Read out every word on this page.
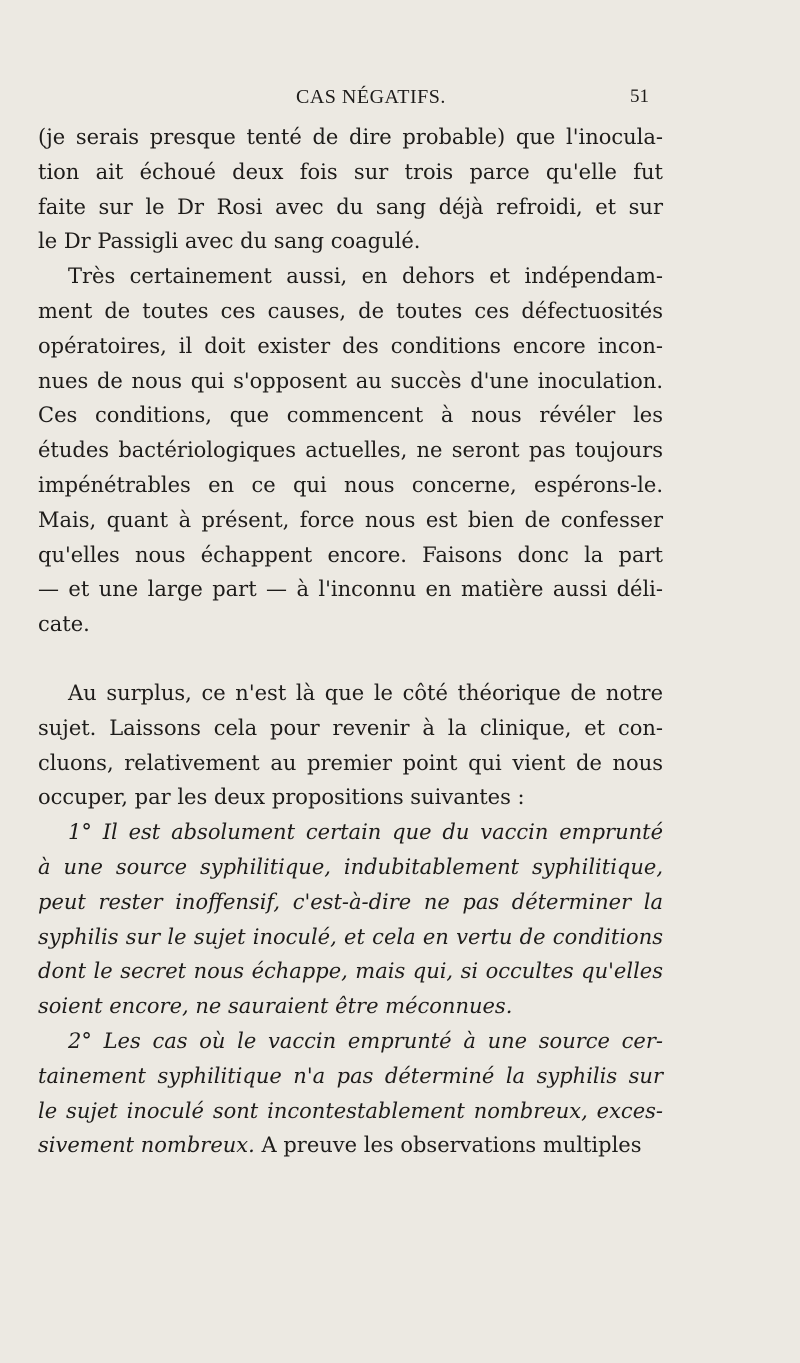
CAS NÉGATIFS.	51
(je serais presque tenté de dire probable) que l'inocula-
tion ait échoué deux fois sur trois parce qu'elle fut
faite sur le Dr Rosi avec du sang déjà refroidi, et sur
le Dr Passigli avec du sang coagulé.
Très certainement aussi, en dehors et indépendam-
ment de toutes ces causes, de toutes ces défectuosités
opératoires, il doit exister des conditions encore incon-
nues de nous qui s'opposent au succès d'une inoculation.
Ces conditions, que commencent à nous révéler les
études bactériologiques actuelles, ne seront pas toujours
impénétrables en ce qui nous concerne, espérons-le.
Mais, quant à présent, force nous est bien de confesser
qu'elles nous échappent encore. Faisons donc la part
— et une large part — à l'inconnu en matière aussi déli-
cate.
Au surplus, ce n'est là que le côté théorique de notre
sujet. Laissons cela pour revenir à la clinique, et con-
cluons, relativement au premier point qui vient de nous
occuper, par les deux propositions suivantes :
1° Il est absolument certain que du vaccin emprunté
à une source syphilitique, indubitablement syphilitique,
peut rester inoffensif, c'est-à-dire ne pas déterminer la
syphilis sur le sujet inoculé, et cela en vertu de conditions
dont le secret nous échappe, mais qui, si occultes qu'elles
soient encore, ne sauraient être méconnues.
2° Les cas où le vaccin emprunté à une source cer-
tainement syphilitique n'a pas déterminé la syphilis sur
le sujet inoculé sont incontestablement nombreux, exces-
sivement nombreux. A preuve les observations multiples
